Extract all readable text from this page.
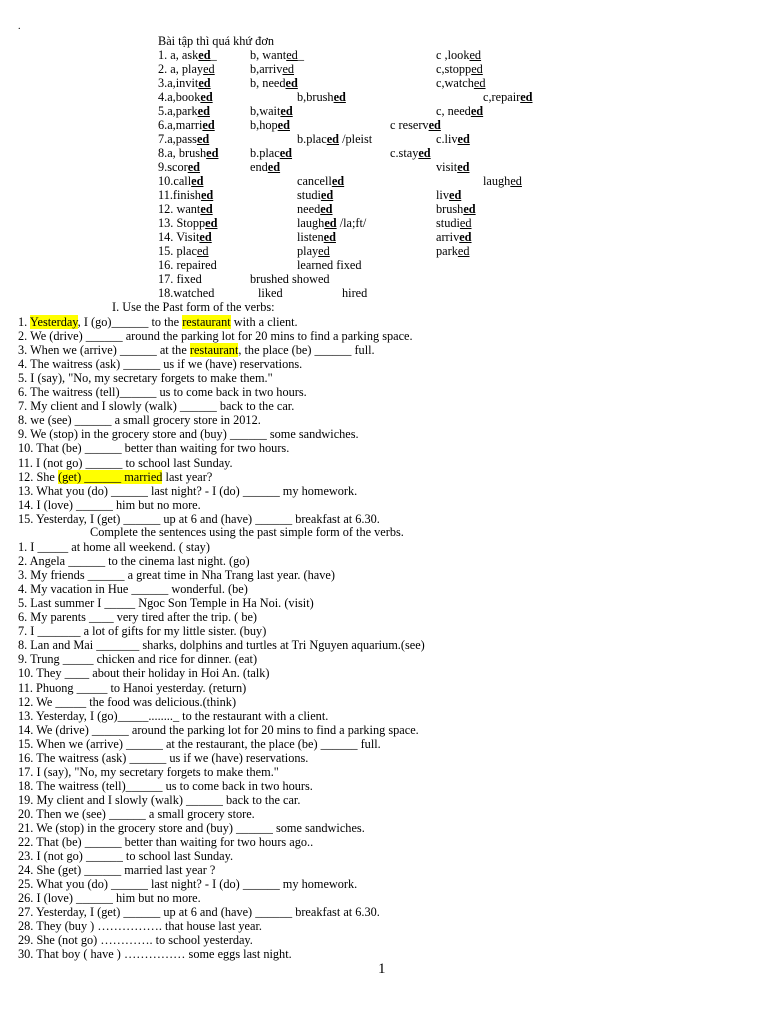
.
Bài tập thì quá khứ đơn
1. a, asked_	b, wanted_	c ,looked
2. a, played	b,arrived	c,stopped
3.a,invited	b, needed	c,watched
4.a,booked	b,brushed	c,repaired
5.a,parked	b,waited	c, needed
6.a,married	b,hoped	c reserved
7.a,passed	b.placed /pleist	c.lived
8.a, brushed	b.placed	c.stayed
9.scored	ended	visited
10.called	cancelled	laughed
11.finished	studied	lived
12. wanted	needed	brushed
13. Stopped	laughed /la;ft/	studied
14. Visited	listened	arrived
15. placed	played	parked
16. repaired	learned fixed
17. fixed	brushed showed
18.watched	liked	hired
I. Use the Past form of the verbs:
1. Yesterday, I (go)______ to the restaurant with a client.
2. We (drive) ______ around the parking lot for 20 mins to find a parking space.
3. When we (arrive) ______ at the restaurant, the place (be) ______ full.
4. The waitress (ask) ______ us if we (have) reservations.
5. I (say), "No, my secretary forgets to make them."
6. The waitress (tell)______ us to come back in two hours.
7. My client and I slowly (walk) ______ back to the car.
8. we (see) ______ a small grocery store in 2012.
9. We (stop) in the grocery store and (buy) ______ some sandwiches.
10. That (be) ______ better than waiting for two hours.
11. I (not go) ______ to school last Sunday.
12. She (get) ______ married last year?
13. What you (do) ______ last night? - I (do) ______ my homework.
14. I (love) ______ him but no more.
15. Yesterday, I (get) ______ up at 6 and (have) ______ breakfast at 6.30.
Complete the sentences using the past simple form of the verbs.
1. I _____ at home all weekend. ( stay)
2. Angela ______ to the cinema last night. (go)
3. My friends ______ a great time in Nha Trang last year. (have)
4. My vacation in Hue ______ wonderful. (be)
5. Last summer I _____ Ngoc Son Temple in Ha Noi. (visit)
6. My parents ____ very tired after the trip. ( be)
7. I _______ a lot of gifts for my little sister. (buy)
8. Lan and Mai _______ sharks, dolphins and turtles at Tri Nguyen aquarium.(see)
9. Trung _____ chicken and rice for dinner. (eat)
10. They ____ about their holiday in Hoi An. (talk)
11. Phuong _____ to Hanoi yesterday. (return)
12. We _____ the food was delicious.(think)
13. Yesterday, I (go)_____........_ to the restaurant with a client.
14. We (drive) ______ around the parking lot for 20 mins to find a parking space.
15. When we (arrive) ______ at the restaurant, the place (be) ______ full.
16. The waitress (ask) ______ us if we (have) reservations.
17. I (say), "No, my secretary forgets to make them."
18. The waitress (tell)______ us to come back in two hours.
19. My client and I slowly (walk) ______ back to the car.
20. Then we (see) ______ a small grocery store.
21. We (stop) in the grocery store and (buy) ______ some sandwiches.
22. That (be) ______ better than waiting for two hours ago..
23. I (not go) ______ to school last Sunday.
24. She (get) ______ married last year ?
25. What you (do) ______ last night? - I (do) ______ my homework.
26. I (love) ______ him but no more.
27. Yesterday, I (get) ______ up at 6 and (have) ______ breakfast at 6.30.
28. They (buy ) ……………. that house last year.
29. She (not go) …………. to school yesterday.
30. That boy ( have ) …………… some eggs last night.
1
